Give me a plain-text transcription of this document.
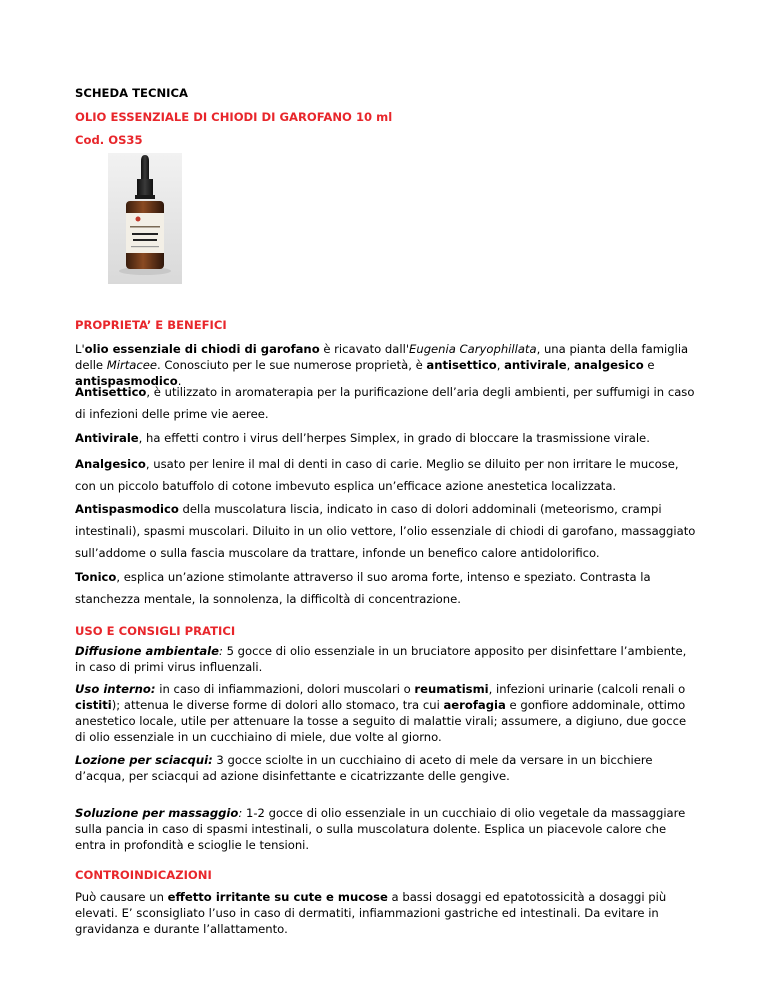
SCHEDA TECNICA
OLIO ESSENZIALE DI CHIODI DI GAROFANO 10 ml
Cod. OS35
PROPRIETA’ E BENEFICI
L'olio essenziale di chiodi di garofano è ricavato dall'Eugenia Caryophillata, una pianta della famiglia delle Mirtacee. Conosciuto per le sue numerose proprietà, è antisettico, antivirale, analgesico e antispasmodico.
Antisettico, è utilizzato in aromaterapia per la purificazione dell’aria degli ambienti, per suffumigi in caso di infezioni delle prime vie aeree.
Antivirale, ha effetti contro i virus dell’herpes Simplex, in grado di bloccare la trasmissione virale.
Analgesico, usato per lenire il mal di denti in caso di carie. Meglio se diluito per non irritare le mucose, con un piccolo batuffolo di cotone imbevuto esplica un’efficace azione anestetica localizzata.
Antispasmodico della muscolatura liscia, indicato in caso di dolori addominali (meteorismo, crampi intestinali), spasmi muscolari. Diluito in un olio vettore, l’olio essenziale di chiodi di garofano, massaggiato sull’addome o sulla fascia muscolare da trattare, infonde un benefico calore antidolorifico.
Tonico, esplica un’azione stimolante attraverso il suo aroma forte, intenso e speziato. Contrasta la stanchezza mentale, la sonnolenza, la difficoltà di concentrazione.
USO E CONSIGLI PRATICI
Diffusione ambientale: 5 gocce di olio essenziale in un bruciatore apposito per disinfettare l’ambiente, in caso di primi virus influenzali.
Uso interno: in caso di infiammazioni, dolori muscolari o reumatismi, infezioni urinarie (calcoli renali o cistiti); attenua le diverse forme di dolori allo stomaco, tra cui aerofagia e gonfiore addominale, ottimo anestetico locale, utile per attenuare la tosse a seguito di malattie virali; assumere, a digiuno, due gocce di olio essenziale in un cucchiaino di miele, due volte al giorno.
Lozione per sciacqui: 3 gocce sciolte in un cucchiaino di aceto di mele da versare in un bicchiere d’acqua, per sciacqui ad azione disinfettante e cicatrizzante delle gengive.
Soluzione per massaggio: 1-2 gocce di olio essenziale in un cucchiaio di olio vegetale da massaggiare sulla pancia in caso di spasmi intestinali, o sulla muscolatura dolente. Esplica un piacevole calore che entra in profondità e scioglie le tensioni.
CONTROINDICAZIONI
Può causare un effetto irritante su cute e mucose a bassi dosaggi ed epatotossicità a dosaggi più elevati. E’ sconsigliato l’uso in caso di dermatiti, infiammazioni gastriche ed intestinali. Da evitare in gravidanza e durante l’allattamento.
